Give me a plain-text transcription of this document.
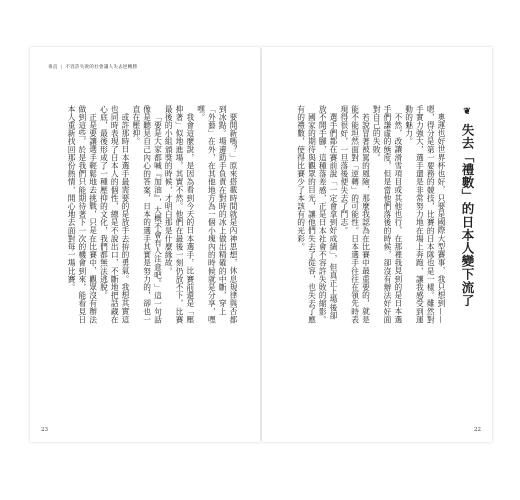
垂直 | 不容許失敗的社會讓人失去逆轉勝

要開新嗎？」原來搭載時間就是內神思想，休息規律與否都到冰點。場邊助手負責在對時的冰上做出精確的中斷，穿上「外藝」在外，在其他地方為一個小塊內的時候就是分享，嘿嘿。

我會這麼說，是因為看到今天的日本選手，比賽前還是「壓抑著」似地進場，其實不然。他們在最後一刻仍放不下，比賽最後的小組頒獎的時候，才明白那是什麼緣故。

「要是大家都喊『加油』，大概不會有人注意吧。」這一句話像是聽見自己內心的答案，日本的選手其實是努力的，卻也一直在壓抑。

或許那時日本選手最需要的是放手去拚的勇氣。我想其實這也同時表現了日本人的個性，總是不說出口，不斷地把話藏在心底，最後形成了一種壓抑的文化，我們都無法逃脫。

正是要讓選手輕鬆地去挑戰，只是在比賽中，觀眾沒有辦法做到這些，於是我們只能期待著下一次的機會到來，能看見日本人重新找回那份熱情，開心地去面對每一場比賽。

23
❦失去「禮數」的日本人變下流了

奧運也好世界杯也好，只要是國際大型賽事，我只想到——嗯，得分是第一要務的競技，比賽的日本隊也是一樣。雖然對手實力強大，選手還是非常努力地在場上奔跑，讓我感受到運動的魅力。

不然，改讓滑雪項目或其他也行，在那裡我見到的是日本選手們謙虛的態度，但是當他們落後的時候，卻沒有辦法好好面對自己的失敗。

若說冒著被罵的風險，那麼我認為在比賽中最重要的，就是能不能坦然面對「逆轉」的可能性。日本選手往往在領先時表現得很好，一旦落後便失去了鬥志。

選手們都在賽前說「一定會拿到好成績」，但真正上場後卻放不開手腳，這種落差感，正是日本社會不容許失敗的縮影。

國家的期待與觀眾的目光，讓他們失去了從容，也失去了應有的禮數，使得比賽少了本該有的光彩。

22
